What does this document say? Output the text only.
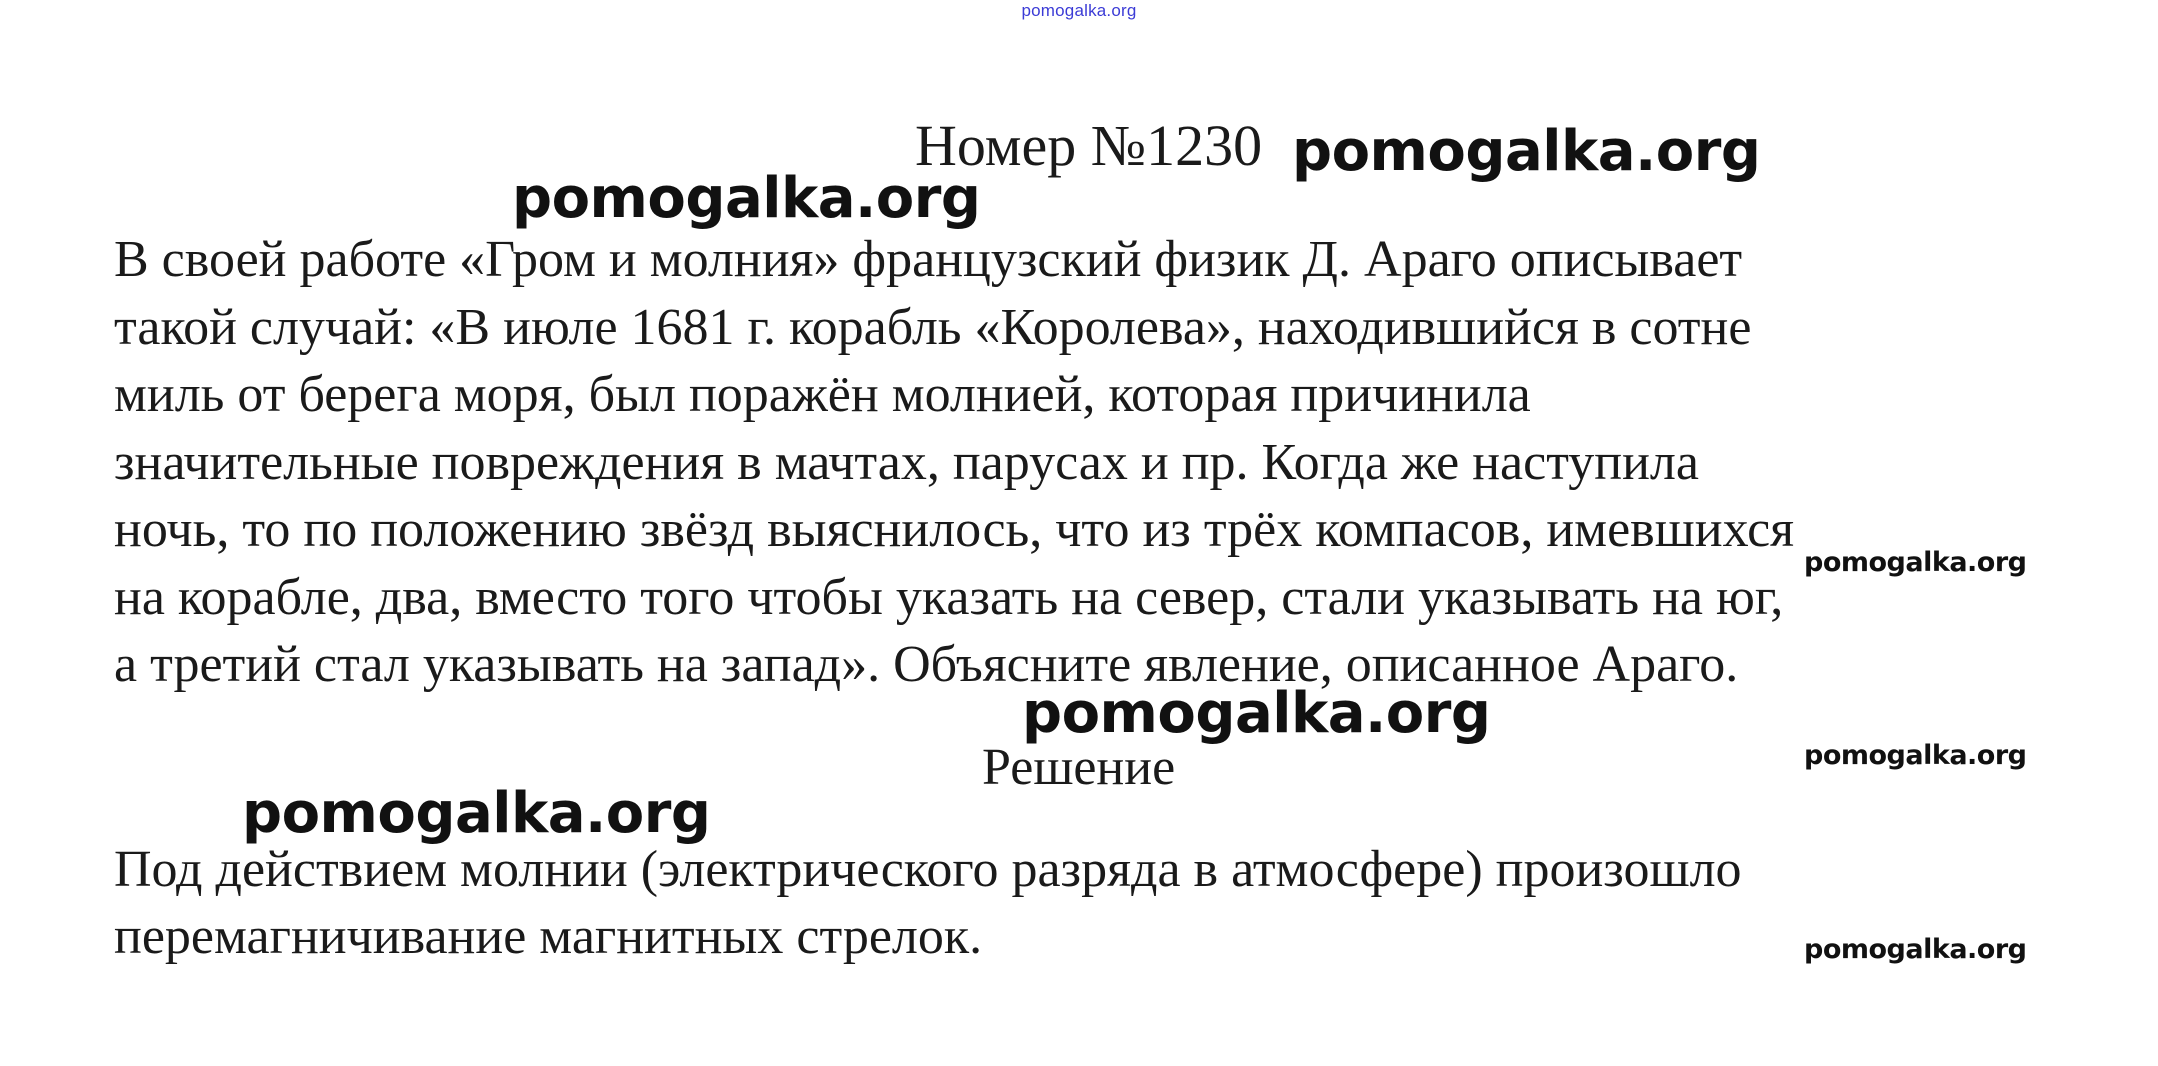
pomogalka.org
Номер №1230
В своей работе «Гром и молния» французский физик Д. Араго описывает
такой случай: «В июле 1681 г. корабль «Королева», находившийся в сотне
миль от берега моря, был поражён молнией, которая причинила
значительные повреждения в мачтах, парусах и пр. Когда же наступила
ночь, то по положению звёзд выяснилось, что из трёх компасов, имевшихся
на корабле, два, вместо того чтобы указать на север, стали указывать на юг,
а третий стал указывать на запад». Объясните явление, описанное Араго.
Решение
Под действием молнии (электрического разряда в атмосфере) произошло
перемагничивание магнитных стрелок.
pomogalka.org
pomogalka.org
pomogalka.org
pomogalka.org
pomogalka.org
pomogalka.org
pomogalka.org
